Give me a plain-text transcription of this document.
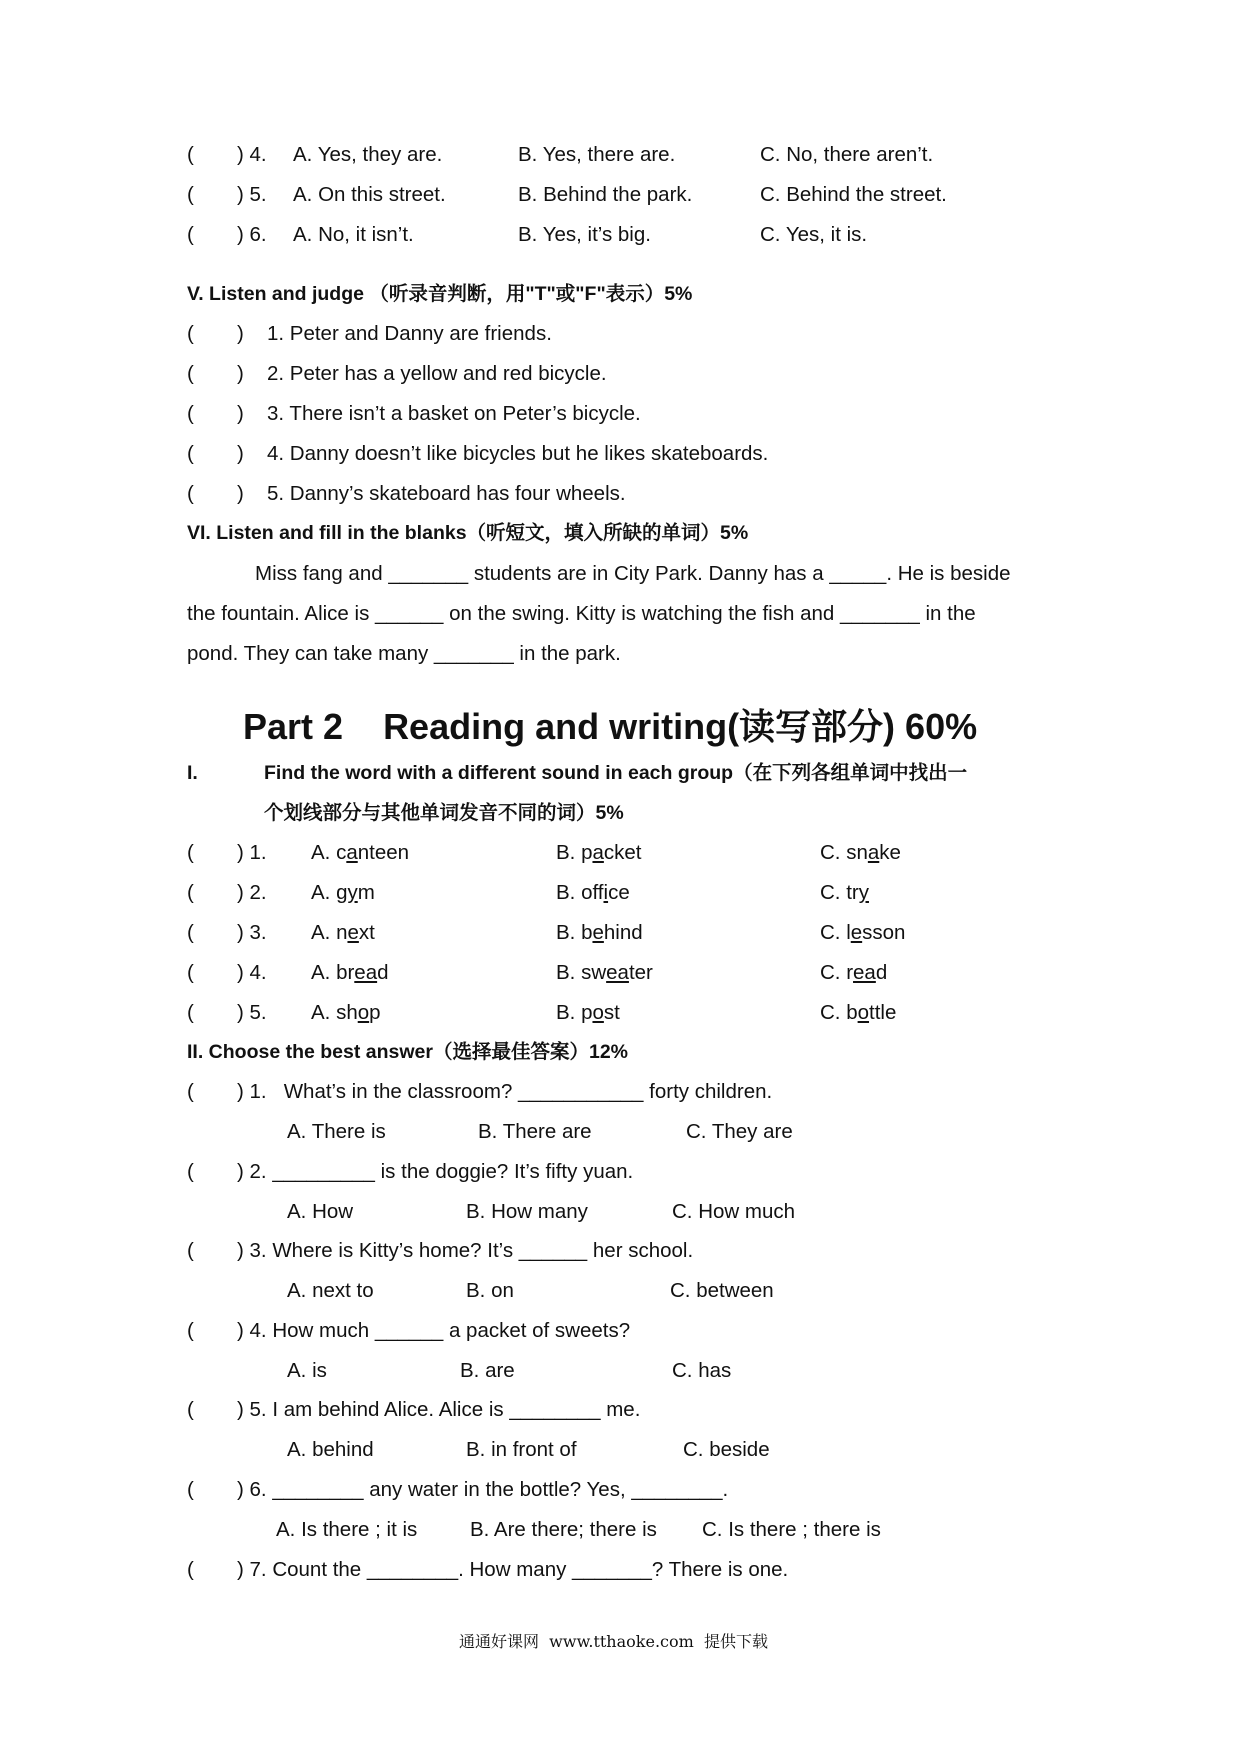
( ) 4. A. Yes, they are.	B. Yes, there are.	C. No, there aren’t.
( ) 5. A. On this street.	B. Behind the park.	C. Behind the street.
( ) 6. A. No, it isn’t.	B. Yes, it’s big.	C. Yes, it is.
V. Listen and judge （听录音判断，用"T"或"F"表示）5%
( ) 1. Peter and Danny are friends.
( ) 2. Peter has a yellow and red bicycle.
( ) 3. There isn’t a basket on Peter’s bicycle.
( ) 4. Danny doesn’t like bicycles but he likes skateboards.
( ) 5. Danny’s skateboard has four wheels.
VI. Listen and fill in the blanks（听短文，填入所缺的单词）5%
Miss fang and _______ students are in City Park. Danny has a _____. He is beside
the fountain. Alice is ______ on the swing. Kitty is watching the fish and _______ in the
pond. They can take many _______ in the park.
Part 2    Reading and writing(读写部分) 60%
I.	Find the word with a different sound in each group（在下列各组单词中找出一
个划线部分与其他单词发音不同的词）5%
( ) 1. A. canteen	B. packet	C. snake
( ) 2. A. gym	B. office	C. try
( ) 3. A. next	B. behind	C. lesson
( ) 4. A. bread	B. sweater	C. read
( ) 5. A. shop	B. post	C. bottle
II. Choose the best answer（选择最佳答案）12%
( ) 1.   What’s in the classroom? ___________ forty children.
A. There is	B. There are	C. They are
( ) 2. _________ is the doggie? It’s fifty yuan.
A. How	B. How many	C. How much
( ) 3. Where is Kitty’s home? It’s ______ her school.
A. next to	B. on	C. between
( ) 4. How much ______ a packet of sweets?
A. is	B. are	C. has
( ) 5. I am behind Alice. Alice is ________ me.
A. behind	B. in front of	C. beside
( ) 6. ________ any water in the bottle? Yes, ________.
A. Is there ; it is	B. Are there; there is C. Is there ; there is
( ) 7. Count the ________. How many _______? There is one.
通通好课网  www.tthaoke.com  提供下载
